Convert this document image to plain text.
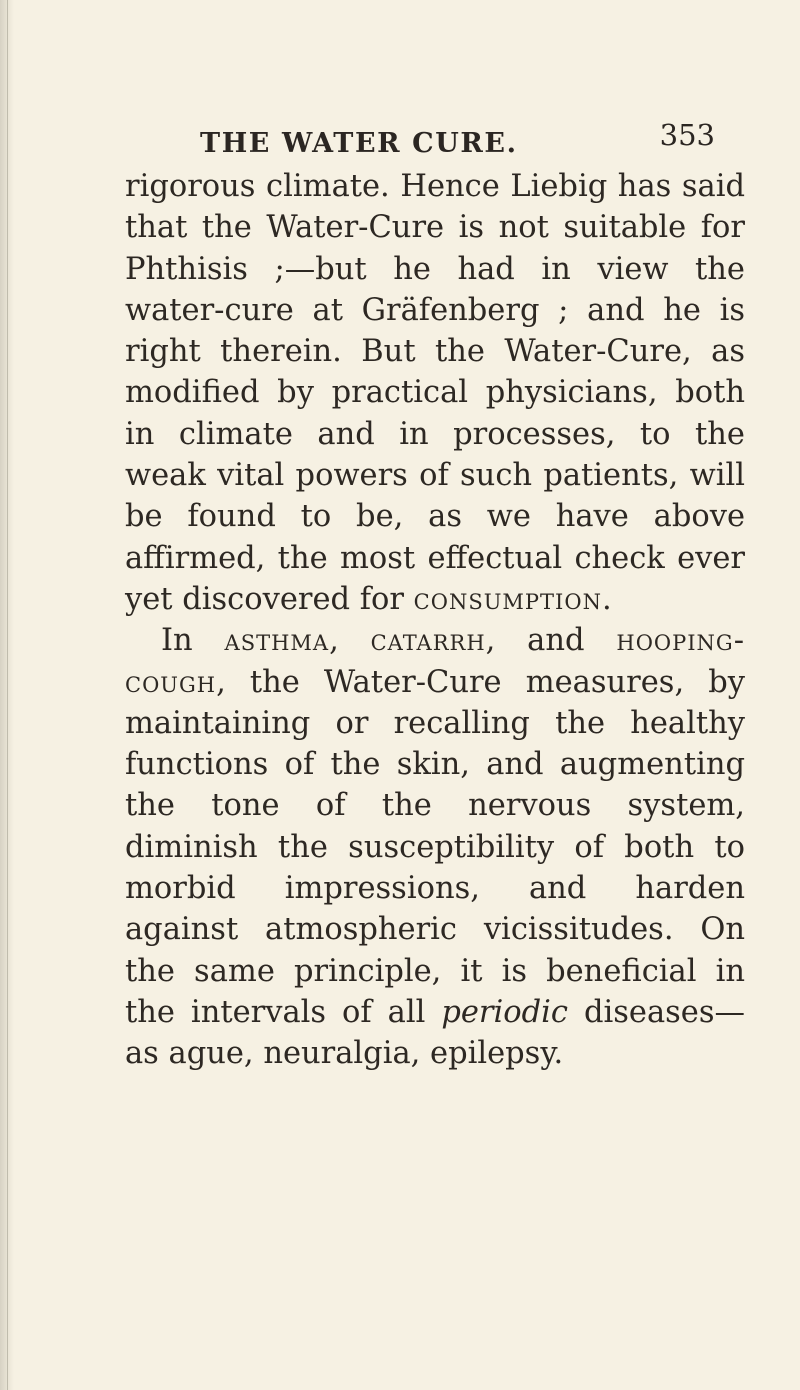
THE WATER CURE.	353

rigorous climate. Hence Liebig has said that the Water-Cure is not suitable for Phthisis ;—but he had in view the water-cure at Gräfenberg ; and he is right therein. But the Water-Cure, as modified by practical physicians, both in climate and in processes, to the weak vital powers of such patients, will be found to be, as we have above affirmed, the most effectual check ever yet discovered for consumption.

In asthma, catarrh, and hooping-cough, the Water-Cure measures, by maintaining or recalling the healthy functions of the skin, and augmenting the tone of the nervous system, diminish the susceptibility of both to morbid impressions, and harden against atmospheric vicissitudes. On the same principle, it is beneficial in the intervals of all periodic diseases—as ague, neuralgia, epilepsy.
